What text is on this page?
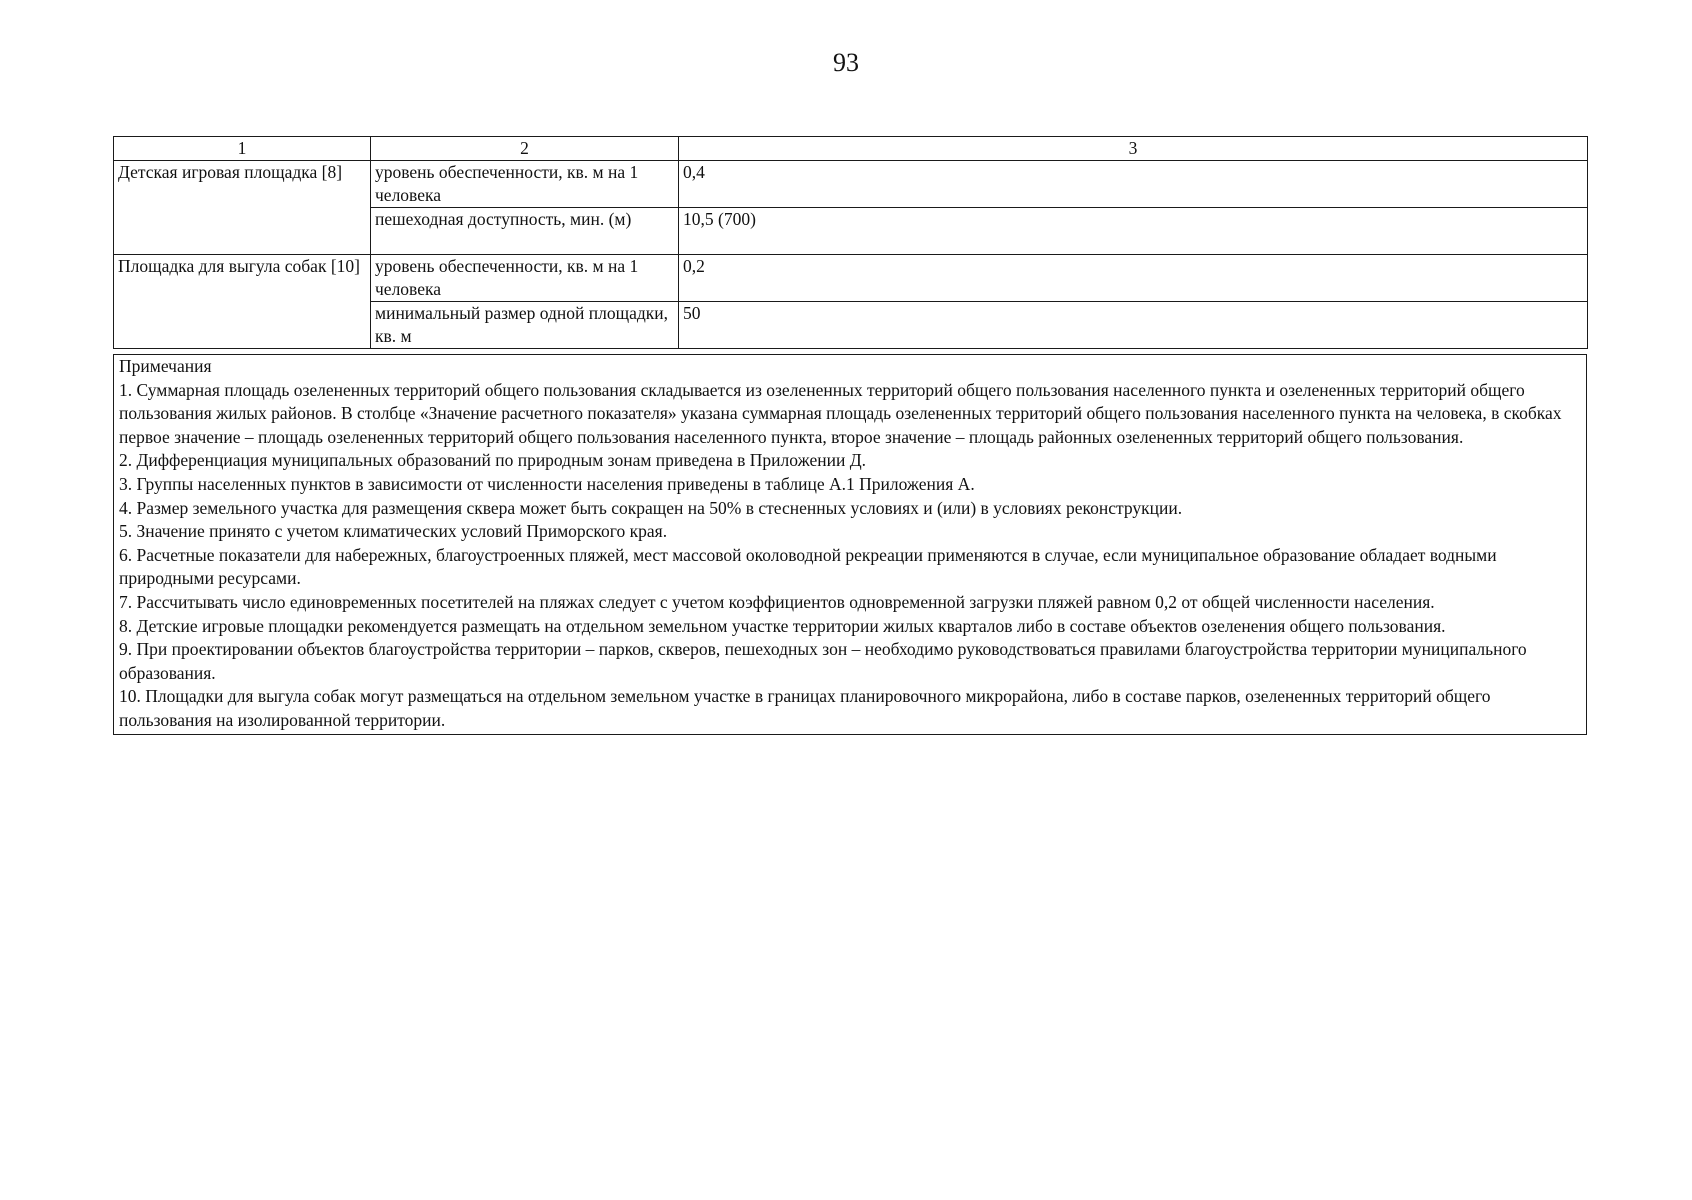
93
1	2	3
Детская игровая площадка [8]	уровень обеспеченности, кв. м на 1 человека	0,4
	пешеходная доступность, мин. (м)	10,5 (700)
Площадка для выгула собак [10]	уровень обеспеченности, кв. м на 1 человека	0,2
	минимальный размер одной площадки, кв. м	50

Примечания

1. Суммарная площадь озелененных территорий общего пользования складывается из озелененных территорий общего пользования населенного пункта и озелененных территорий общего пользования жилых районов. В столбце «Значение расчетного показателя» указана суммарная площадь озелененных территорий общего пользования населенного пункта на человека, в скобках первое значение – площадь озелененных территорий общего пользования населенного пункта, второе значение – площадь районных озелененных территорий общего пользования.

2. Дифференциация муниципальных образований по природным зонам приведена в Приложении Д.

3. Группы населенных пунктов в зависимости от численности населения приведены в таблице А.1 Приложения А.

4. Размер земельного участка для размещения сквера может быть сокращен на 50% в стесненных условиях и (или) в условиях реконструкции.

5. Значение принято с учетом климатических условий Приморского края.

6. Расчетные показатели для набережных, благоустроенных пляжей, мест массовой околоводной рекреации применяются в случае, если муниципальное образование обладает водными природными ресурсами.

7. Рассчитывать число единовременных посетителей на пляжах следует с учетом коэффициентов одновременной загрузки пляжей равном 0,2 от общей численности населения.

8. Детские игровые площадки рекомендуется размещать на отдельном земельном участке территории жилых кварталов либо в составе объектов озеленения общего пользования.

9. При проектировании объектов благоустройства территории – парков, скверов, пешеходных зон – необходимо руководствоваться правилами благоустройства территории муниципального образования.

10. Площадки для выгула собак могут размещаться на отдельном земельном участке в границах планировочного микрорайона, либо в составе парков, озелененных территорий общего пользования на изолированной территории.
